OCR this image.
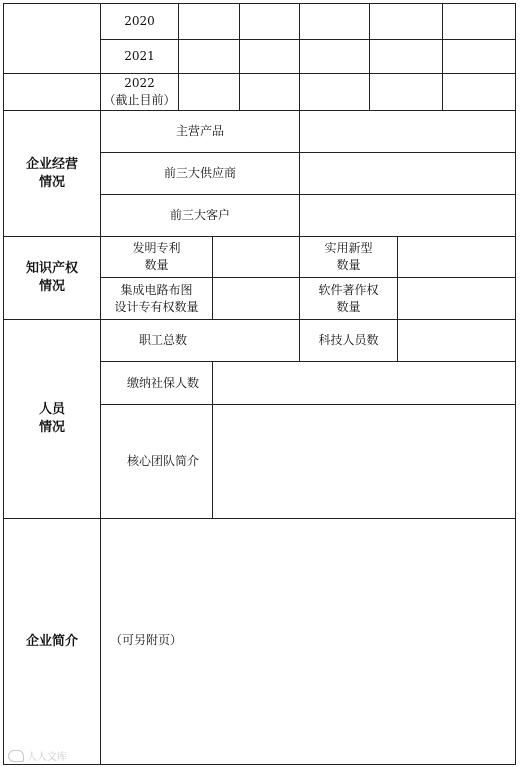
2020
2021
2022
（截止目前）
企业经营
情况
主营产品
前三大供应商
前三大客户
知识产权
情况
发明专利
数量
实用新型
数量
集成电路布图
设计专有权数量
软件著作权
数量
人员
情况
职工总数	科技人员数
缴纳社保人数
核心团队简介
企业简介	（可另附页）
人人文库
